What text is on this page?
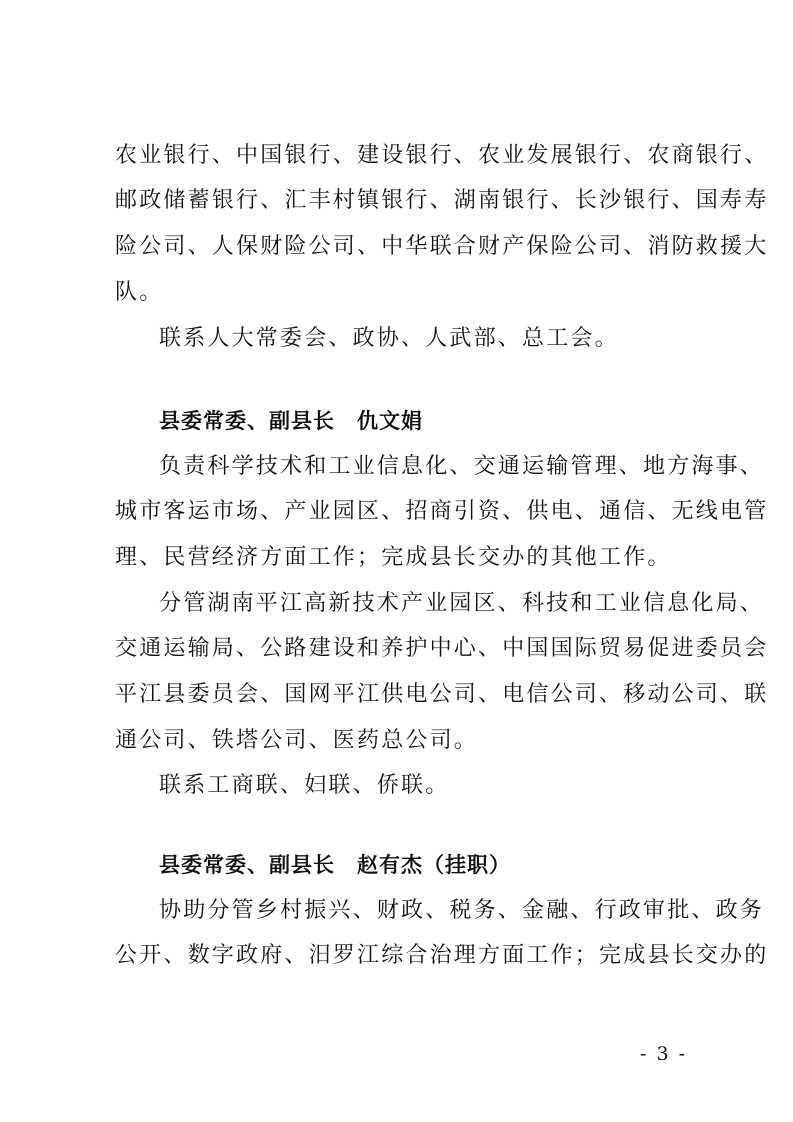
农业银行、中国银行、建设银行、农业发展银行、农商银行、
邮政储蓄银行、汇丰村镇银行、湖南银行、长沙银行、国寿寿
险公司、人保财险公司、中华联合财产保险公司、消防救援大
队。
联系人大常委会、政协、人武部、总工会。
县委常委、副县长 仇文娟
负责科学技术和工业信息化、交通运输管理、地方海事、
城市客运市场、产业园区、招商引资、供电、通信、无线电管
理、民营经济方面工作；完成县长交办的其他工作。
分管湖南平江高新技术产业园区、科技和工业信息化局、
交通运输局、公路建设和养护中心、中国国际贸易促进委员会
平江县委员会、国网平江供电公司、电信公司、移动公司、联
通公司、铁塔公司、医药总公司。
联系工商联、妇联、侨联。
县委常委、副县长 赵有杰（挂职）
协助分管乡村振兴、财政、税务、金融、行政审批、政务
公开、数字政府、汨罗江综合治理方面工作；完成县长交办的
- 3 -
